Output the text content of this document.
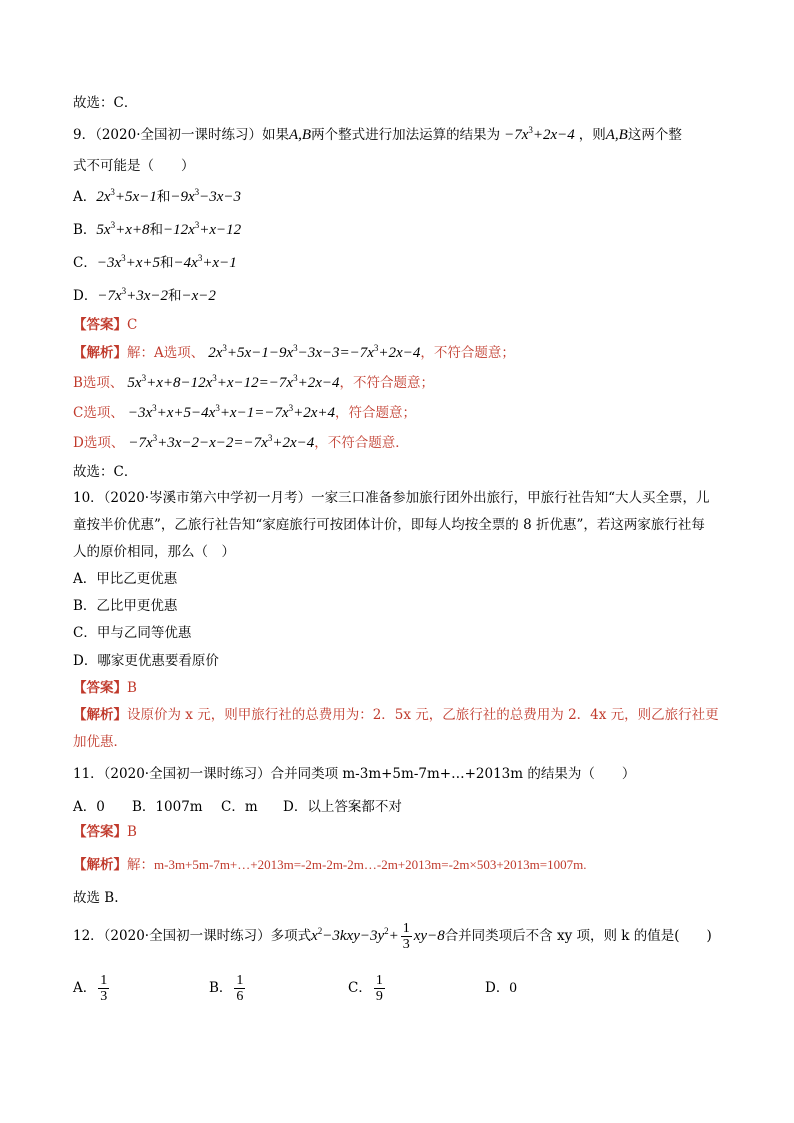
故选：C．
9．（2020·全国初一课时练习）如果A,B两个整式进行加法运算的结果为 $-7x^3+2x-4$ ，则A,B这两个整
式不可能是（　　）
A．$2x^3+5x-1$和$-9x^3-3x-3$
B．$5x^3+x+8$和$-12x^3+x-12$
C．$-3x^3+x+5$和$-4x^3+x-1$
D．$-7x^3+3x-2$和−x−2
【答案】C
【解析】解：A选项、 $2x^3+5x-1-9x^3-3x-3=-7x^3+2x-4$，不符合题意；
B选项、 $5x^3+x+8-12x^3+x-12=-7x^3+2x-4$，不符合题意；
C选项、 $-3x^3+x+5-4x^3+x-1=-7x^3+2x+4$，符合题意；
D选项、 $-7x^3+3x-2-x-2=-7x^3+2x-4$，不符合题意．
故选：C．
10．（2020·岑溪市第六中学初一月考）一家三口准备参加旅行团外出旅行，甲旅行社告知“大人买全票，儿
童按半价优惠”，乙旅行社告知“家庭旅行可按团体计价，即每人均按全票的 8 折优惠”，若这两家旅行社每
人的原价相同，那么（　）
A．甲比乙更优惠
B．乙比甲更优惠
C．甲与乙同等优惠
D．哪家更优惠要看原价
【答案】B
【解析】设原价为 x 元，则甲旅行社的总费用为：2．5x 元，乙旅行社的总费用为 2．4x 元，则乙旅行社更
加优惠．
11．（2020·全国初一课时练习）合并同类项 m-3m+5m-7m+…+2013m 的结果为（　　）
A．0 B．1007m C．m D．以上答案都不对
【答案】B
【解析】解：m-3m+5m-7m+…+2013m=-2m-2m-2m…-2m+2013m=-2m×503+2013m=1007m.
故选 B.
12．（2020·全国初一课时练习）多项式$x^2-3kxy-3y^2+ \frac{1}{3} xy-8$合并同类项后不含 xy 项，则 k 的值是(　　)
A． $\frac{1}{3}$	B． $\frac{1}{6}$	C． $\frac{1}{9}$	D．0
